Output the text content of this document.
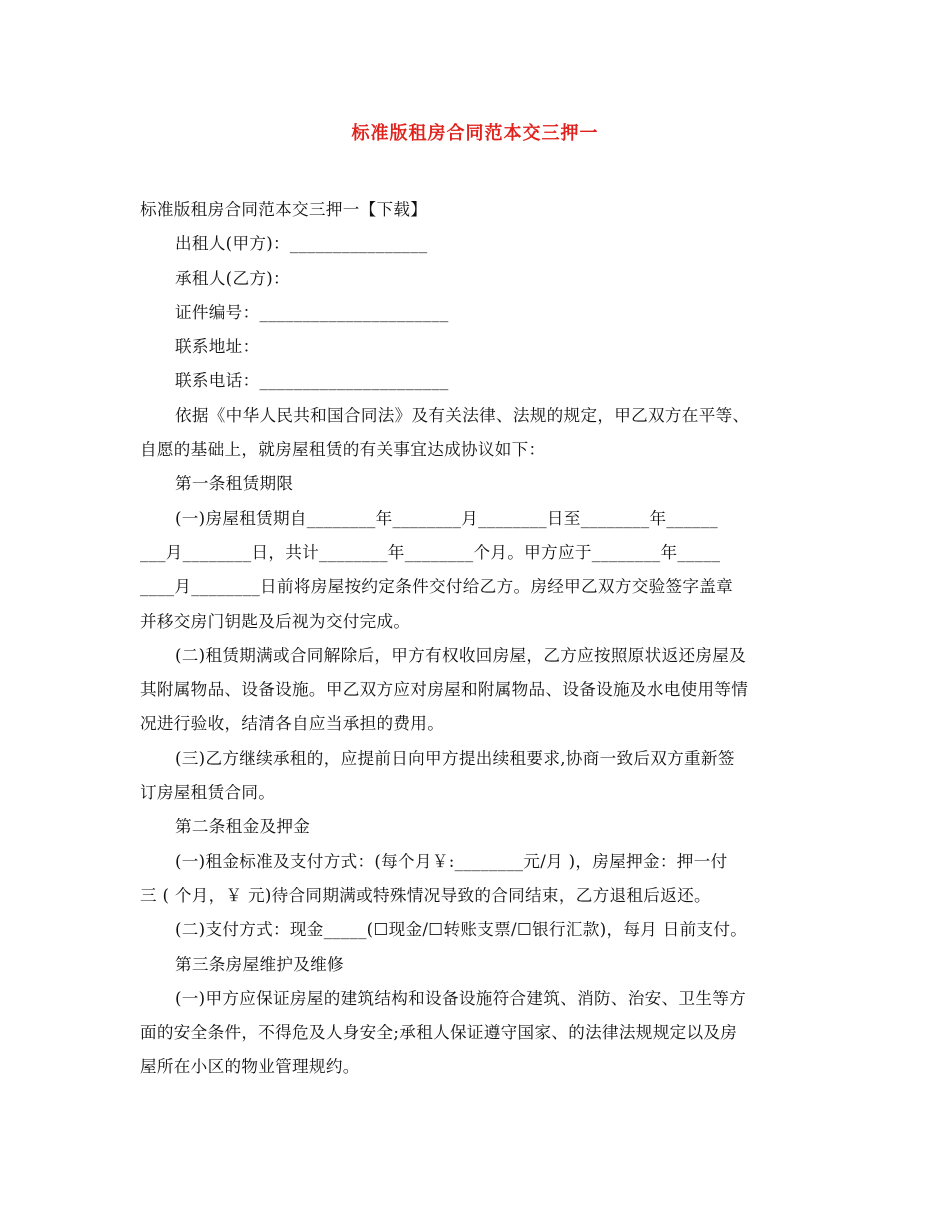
标准版租房合同范本交三押一
标准版租房合同范本交三押一【下载】
出租人(甲方)：________________
承租人(乙方)：
证件编号：______________________
联系地址：
联系电话：______________________
依据《中华人民共和国合同法》及有关法律、法规的规定，甲乙双方在平等、
自愿的基础上，就房屋租赁的有关事宜达成协议如下：
第一条租赁期限
(一)房屋租赁期自________年________月________日至________年______
___月________日，共计________年________个月。甲方应于________年_____
____月________日前将房屋按约定条件交付给乙方。房经甲乙双方交验签字盖章
并移交房门钥匙及后视为交付完成。
(二)租赁期满或合同解除后，甲方有权收回房屋，乙方应按照原状返还房屋及
其附属物品、设备设施。甲乙双方应对房屋和附属物品、设备设施及水电使用等情
况进行验收，结清各自应当承担的费用。
(三)乙方继续承租的，应提前日向甲方提出续租要求,协商一致后双方重新签
订房屋租赁合同。
第二条租金及押金
(一)租金标准及支付方式：(每个月￥:________元/月 )，房屋押金：押一付
三 ( 个月，￥ 元)待合同期满或特殊情况导致的合同结束，乙方退租后返还。
(二)支付方式：现金_____(☐现金/☐转账支票/☐银行汇款)，每月 日前支付。
第三条房屋维护及维修
(一)甲方应保证房屋的建筑结构和设备设施符合建筑、消防、治安、卫生等方
面的安全条件，不得危及人身安全;承租人保证遵守国家、的法律法规规定以及房
屋所在小区的物业管理规约。
